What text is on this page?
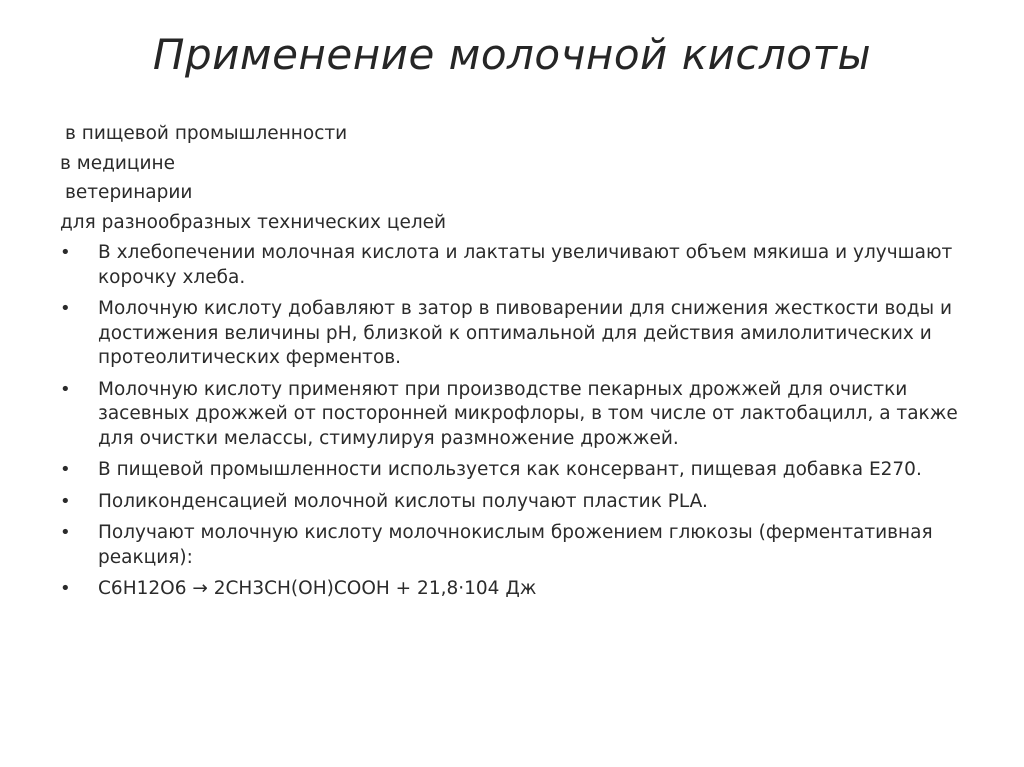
Применение молочной кислоты
в пищевой промышленности
в медицине
ветеринарии
для разнообразных технических целей
• В хлебопечении молочная кислота и лактаты увеличивают объем мякиша и улучшают корочку хлеба.
• Молочную кислоту добавляют в затор в пивоварении для снижения жесткости воды и достижения величины pH, близкой к оптимальной для действия амилолитических и протеолитических ферментов.
• Молочную кислоту применяют при производстве пекарных дрожжей для очистки засевных дрожжей от посторонней микрофлоры, в том числе от лактобацилл, а также для очистки мелассы, стимулируя размножение дрожжей.
• В пищевой промышленности используется как консервант, пищевая добавка Е270.
• Поликонденсацией молочной кислоты получают пластик PLA.
• Получают молочную кислоту молочнокислым брожением глюкозы (ферментативная реакция):
• С6Н12О6 → 2СН3СН(ОН)СООН + 21,8·104 Дж
